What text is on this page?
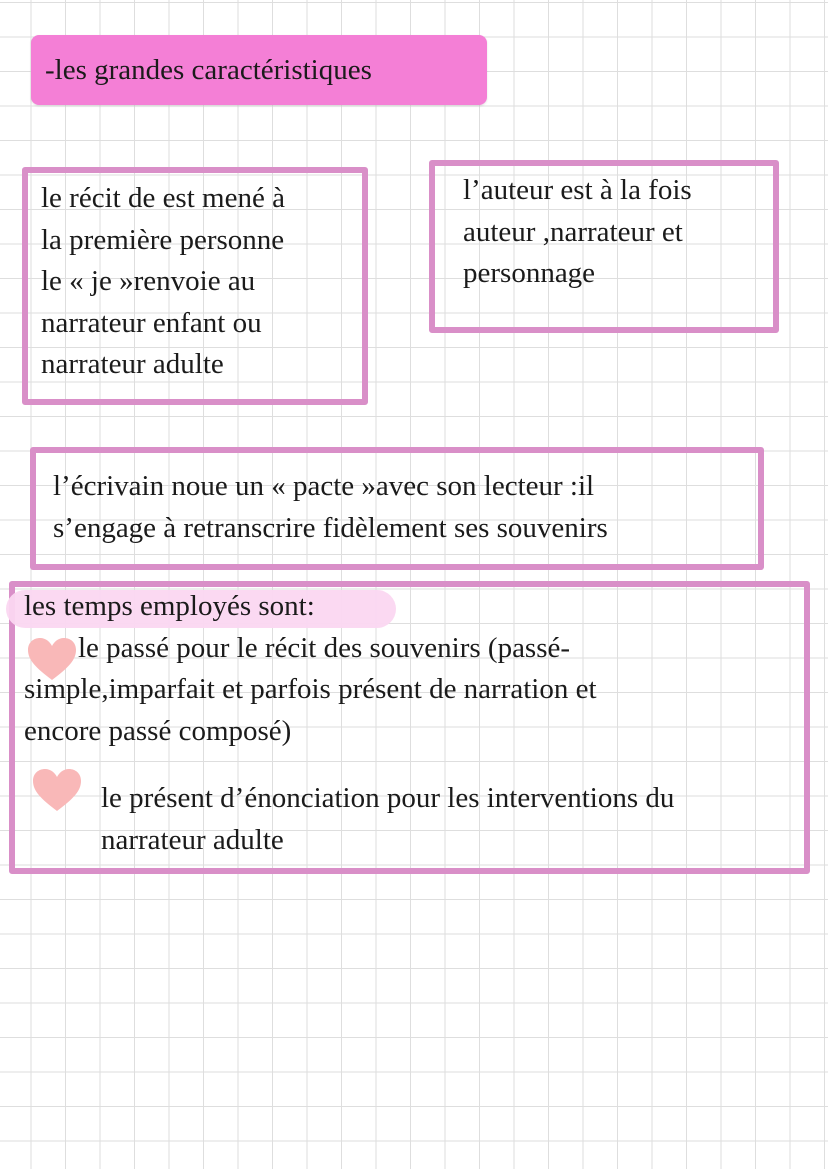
-les grandes caractéristiques
le récit de est mené à
la première personne
le « je »renvoie au
narrateur enfant ou
narrateur adulte
l’auteur est à la fois
auteur ,narrateur et
personnage
l’écrivain noue un « pacte »avec son lecteur :il
s’engage à retranscrire fidèlement ses souvenirs
les temps employés sont:
le passé pour le récit des souvenirs (passé-
simple,imparfait et parfois présent de narration et
encore passé composé)
le présent d’énonciation pour les interventions du
narrateur adulte
